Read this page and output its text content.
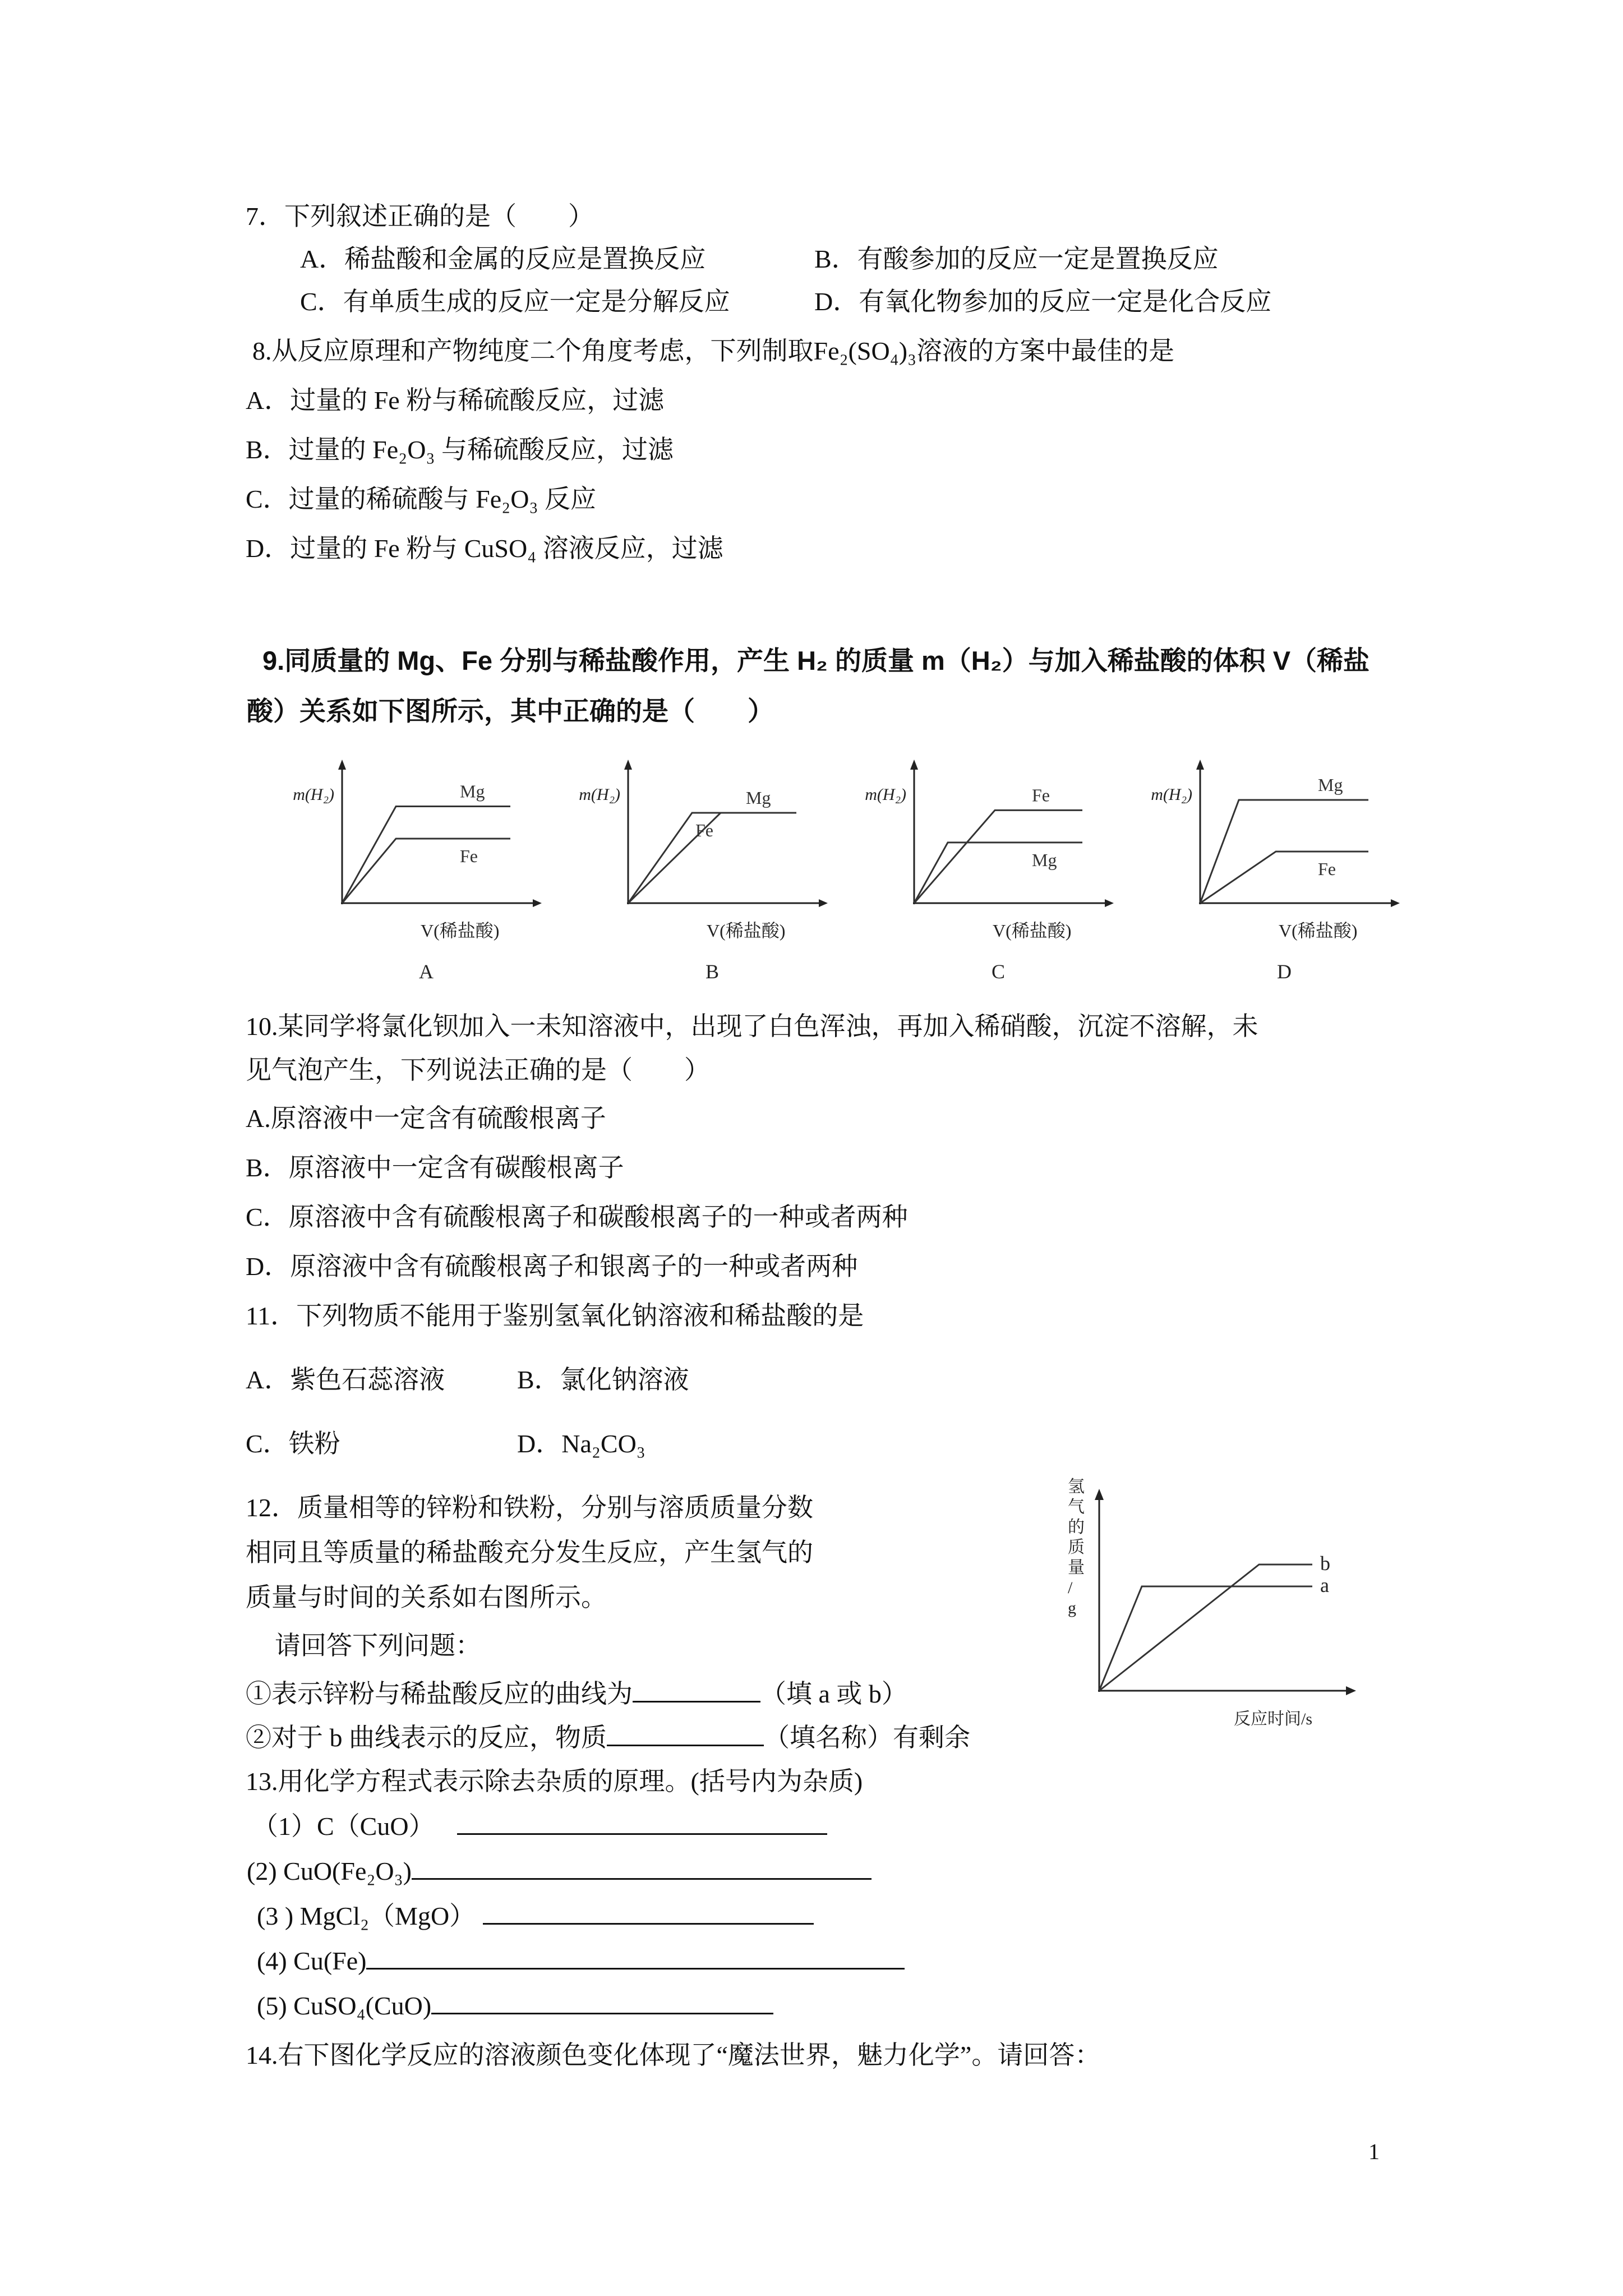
7．下列叙述正确的是（　　）
A．稀盐酸和金属的反应是置换反应	B．有酸参加的反应一定是置换反应
C．有单质生成的反应一定是分解反应	D．有氧化物参加的反应一定是化合反应
8.从反应原理和产物纯度二个角度考虑，下列制取Fe₂(SO₄)₃溶液的方案中最佳的是
A．过量的 Fe 粉与稀硫酸反应，过滤
B．过量的 Fe₂O₃ 与稀硫酸反应，过滤
C．过量的稀硫酸与 Fe₂O₃ 反应
D．过量的 Fe 粉与 CuSO₄ 溶液反应，过滤
9.同质量的 Mg、Fe 分别与稀盐酸作用，产生 H₂ 的质量 m（H₂）与加入稀盐酸的体积 V（稀盐
酸）关系如下图所示，其中正确的是（　　）
m(H₂)
V(稀盐酸)
A
Mg
Fe
m(H₂)
V(稀盐酸)
B
Mg
Fe
m(H₂)
V(稀盐酸)
C
Fe
Mg
m(H₂)
V(稀盐酸)
D
Mg
Fe
10.某同学将氯化钡加入一未知溶液中，出现了白色浑浊，再加入稀硝酸，沉淀不溶解，未
见气泡产生，下列说法正确的是（　　）
A.原溶液中一定含有硫酸根离子
B．原溶液中一定含有碳酸根离子
C．原溶液中含有硫酸根离子和碳酸根离子的一种或者两种
D．原溶液中含有硫酸根离子和银离子的一种或者两种
11．下列物质不能用于鉴别氢氧化钠溶液和稀盐酸的是
A．紫色石蕊溶液	B．氯化钠溶液
C．铁粉	D．Na₂CO₃
12．质量相等的锌粉和铁粉，分别与溶质质量分数
相同且等质量的稀盐酸充分发生反应，产生氢气的
质量与时间的关系如右图所示。
请回答下列问题：
①表示锌粉与稀盐酸反应的曲线为	（填 a 或 b）
②对于 b 曲线表示的反应，物质	（填名称）有剩余
氢气的质量/ g
反应时间/s
a
b
13.用化学方程式表示除去杂质的原理。(括号内为杂质)
（1）C（CuO）
(2) CuO(Fe₂O₃)
(3 ) MgCl₂（MgO）
(4) Cu(Fe)
(5) CuSO₄(CuO)
14.右下图化学反应的溶液颜色变化体现了“魔法世界，魅力化学”。请回答：
1
